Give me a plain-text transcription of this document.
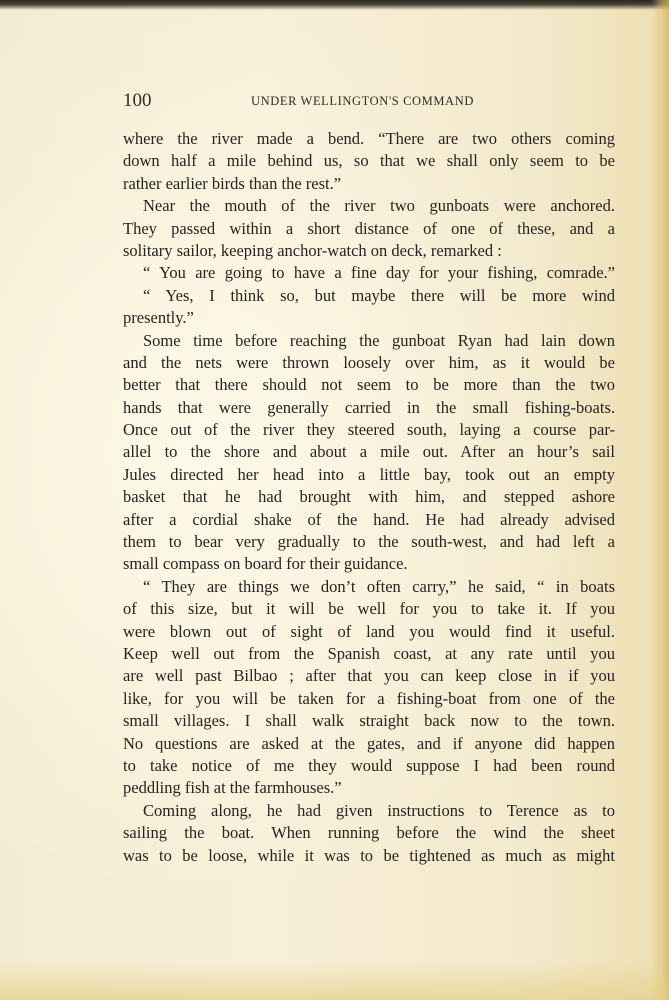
100	UNDER WELLINGTON'S COMMAND
where the river made a bend. “There are two others coming
down half a mile behind us, so that we shall only seem to be
rather earlier birds than the rest.”
Near the mouth of the river two gunboats were anchored.
They passed within a short distance of one of these, and a
solitary sailor, keeping anchor-watch on deck, remarked :
“ You are going to have a fine day for your fishing, comrade.”
“ Yes, I think so, but maybe there will be more wind
presently.”
Some time before reaching the gunboat Ryan had lain down
and the nets were thrown loosely over him, as it would be
better that there should not seem to be more than the two
hands that were generally carried in the small fishing-boats.
Once out of the river they steered south, laying a course par-
allel to the shore and about a mile out. After an hour’s sail
Jules directed her head into a little bay, took out an empty
basket that he had brought with him, and stepped ashore
after a cordial shake of the hand. He had already advised
them to bear very gradually to the south-west, and had left a
small compass on board for their guidance.
“ They are things we don’t often carry,” he said, “ in boats
of this size, but it will be well for you to take it. If you
were blown out of sight of land you would find it useful.
Keep well out from the Spanish coast, at any rate until you
are well past Bilbao ; after that you can keep close in if you
like, for you will be taken for a fishing-boat from one of the
small villages. I shall walk straight back now to the town.
No questions are asked at the gates, and if anyone did happen
to take notice of me they would suppose I had been round
peddling fish at the farmhouses.”
Coming along, he had given instructions to Terence as to
sailing the boat. When running before the wind the sheet
was to be loose, while it was to be tightened as much as might
